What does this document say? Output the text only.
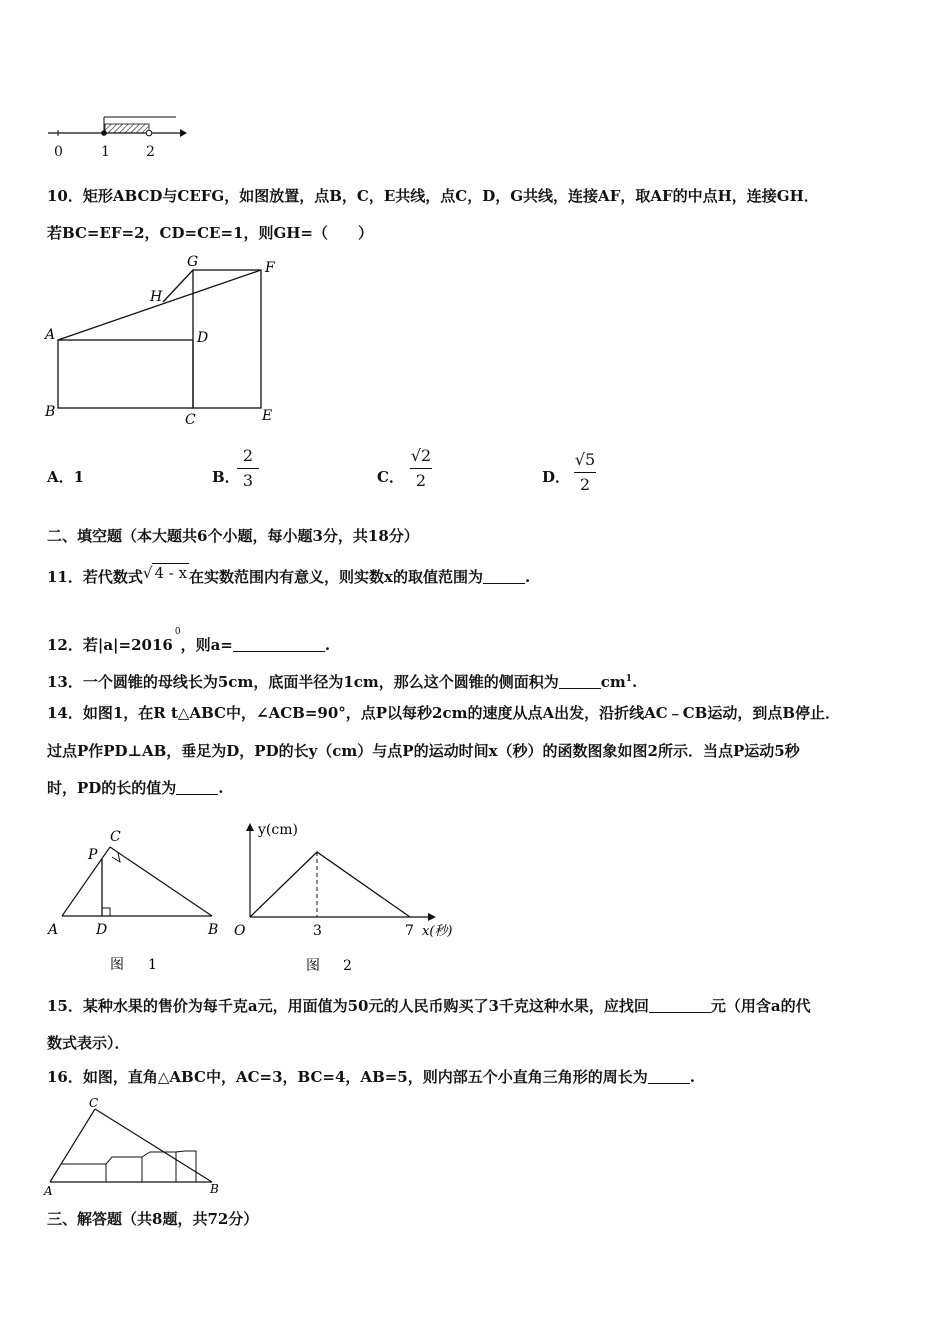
0	1	2
10．矩形ABCD与CEFG，如图放置，点B，C，E共线，点C，D，G共线，连接AF，取AF的中点H，连接GH．
若BC=EF=2，CD=CE=1，则GH=（　　）
G	F
H
A	D
B	C	E
A．1	B．
2
3	C．
√2
2	D．
√5
2
二、填空题（本大题共6个小题，每小题3分，共18分）
11．若代数式√ 4 - x 在实数范围内有意义，则实数x的取值范围为	.
12．若$|a|=2016^0$，则a=	.
13．一个圆锥的母线长为5cm，底面半径为1cm，那么这个圆锥的侧面积为	$cm^1$.
14．如图1，在R t△ABC中，∠ACB=90°，点P以每秒2cm的速度从点A出发，沿折线AC﹣CB运动，到点B停止．
过点P作PD⊥AB，垂足为D，PD的长y（cm）与点P的运动时间x（秒）的函数图象如图2所示．当点P运动5秒
时，PD的长的值为	.
C
P
A	D	B
图 1
y(cm)
O	3	7 x(秒)
图 2
15．某种水果的售价为每千克a元，用面值为50元的人民币购买了3千克这种水果，应找回	元（用含a的代
数式表示）．
16．如图，直角△ABC中，AC=3，BC=4，AB=5，则内部五个小直角三角形的周长为	.
C
A	B
三、解答题（共8题，共72分）
